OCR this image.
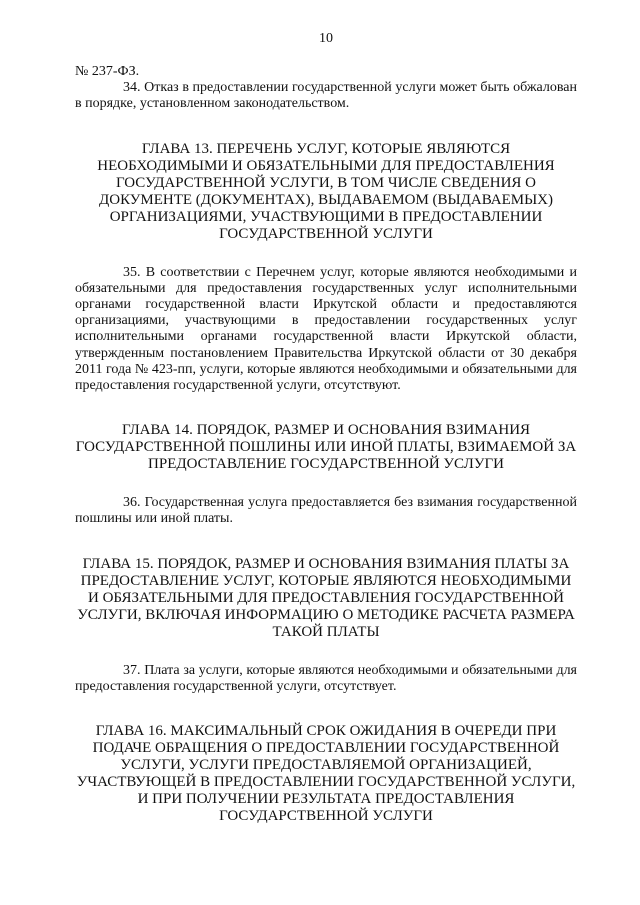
10

№ 237-ФЗ.

34. Отказ в предоставлении государственной услуги может быть обжалован в порядке, установленном законодательством.

ГЛАВА 13. ПЕРЕЧЕНЬ УСЛУГ, КОТОРЫЕ ЯВЛЯЮТСЯ НЕОБХОДИМЫМИ И ОБЯЗАТЕЛЬНЫМИ ДЛЯ ПРЕДОСТАВЛЕНИЯ ГОСУДАРСТВЕННОЙ УСЛУГИ, В ТОМ ЧИСЛЕ СВЕДЕНИЯ О ДОКУМЕНТЕ (ДОКУМЕНТАХ), ВЫДАВАЕМОМ (ВЫДАВАЕМЫХ) ОРГАНИЗАЦИЯМИ, УЧАСТВУЮЩИМИ В ПРЕДОСТАВЛЕНИИ ГОСУДАРСТВЕННОЙ УСЛУГИ

35. В соответствии с Перечнем услуг, которые являются необходимыми и обязательными для предоставления государственных услуг исполнительными органами государственной власти Иркутской области и предоставляются организациями, участвующими в предоставлении государственных услуг исполнительными органами государственной власти Иркутской области, утвержденным постановлением Правительства Иркутской области от 30 декабря 2011 года № 423-пп, услуги, которые являются необходимыми и обязательными для предоставления государственной услуги, отсутствуют.

ГЛАВА 14. ПОРЯДОК, РАЗМЕР И ОСНОВАНИЯ ВЗИМАНИЯ ГОСУДАРСТВЕННОЙ ПОШЛИНЫ ИЛИ ИНОЙ ПЛАТЫ, ВЗИМАЕМОЙ ЗА ПРЕДОСТАВЛЕНИЕ ГОСУДАРСТВЕННОЙ УСЛУГИ

36. Государственная услуга предоставляется без взимания государственной пошлины или иной платы.

ГЛАВА 15. ПОРЯДОК, РАЗМЕР И ОСНОВАНИЯ ВЗИМАНИЯ ПЛАТЫ ЗА ПРЕДОСТАВЛЕНИЕ УСЛУГ, КОТОРЫЕ ЯВЛЯЮТСЯ НЕОБХОДИМЫМИ И ОБЯЗАТЕЛЬНЫМИ ДЛЯ ПРЕДОСТАВЛЕНИЯ ГОСУДАРСТВЕННОЙ УСЛУГИ, ВКЛЮЧАЯ ИНФОРМАЦИЮ О МЕТОДИКЕ РАСЧЕТА РАЗМЕРА ТАКОЙ ПЛАТЫ

37. Плата за услуги, которые являются необходимыми и обязательными для предоставления государственной услуги, отсутствует.

ГЛАВА 16. МАКСИМАЛЬНЫЙ СРОК ОЖИДАНИЯ В ОЧЕРЕДИ ПРИ ПОДАЧЕ ОБРАЩЕНИЯ О ПРЕДОСТАВЛЕНИИ ГОСУДАРСТВЕННОЙ УСЛУГИ, УСЛУГИ ПРЕДОСТАВЛЯЕМОЙ ОРГАНИЗАЦИЕЙ, УЧАСТВУЮЩЕЙ В ПРЕДОСТАВЛЕНИИ ГОСУДАРСТВЕННОЙ УСЛУГИ, И ПРИ ПОЛУЧЕНИИ РЕЗУЛЬТАТА ПРЕДОСТАВЛЕНИЯ ГОСУДАРСТВЕННОЙ УСЛУГИ
